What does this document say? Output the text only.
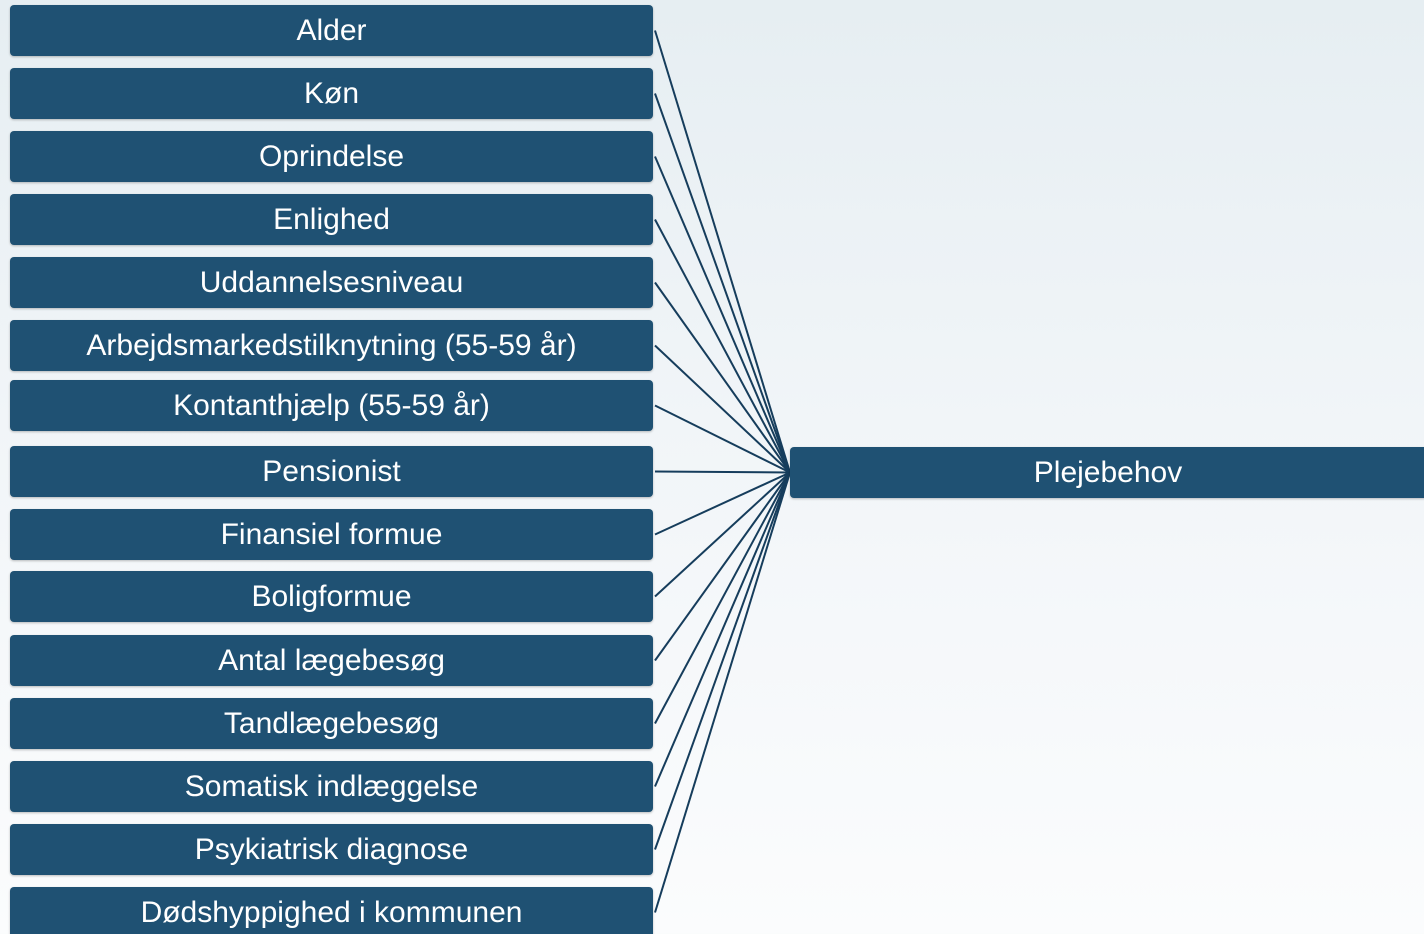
Alder
Køn
Oprindelse
Enlighed
Uddannelsesniveau
Arbejdsmarkedstilknytning (55-59 år)
Kontanthjælp (55-59 år)
Pensionist
Finansiel formue
Boligformue
Antal lægebesøg
Tandlægebesøg
Somatisk indlæggelse
Psykiatrisk diagnose
Dødshyppighed i kommunen
Plejebehov
